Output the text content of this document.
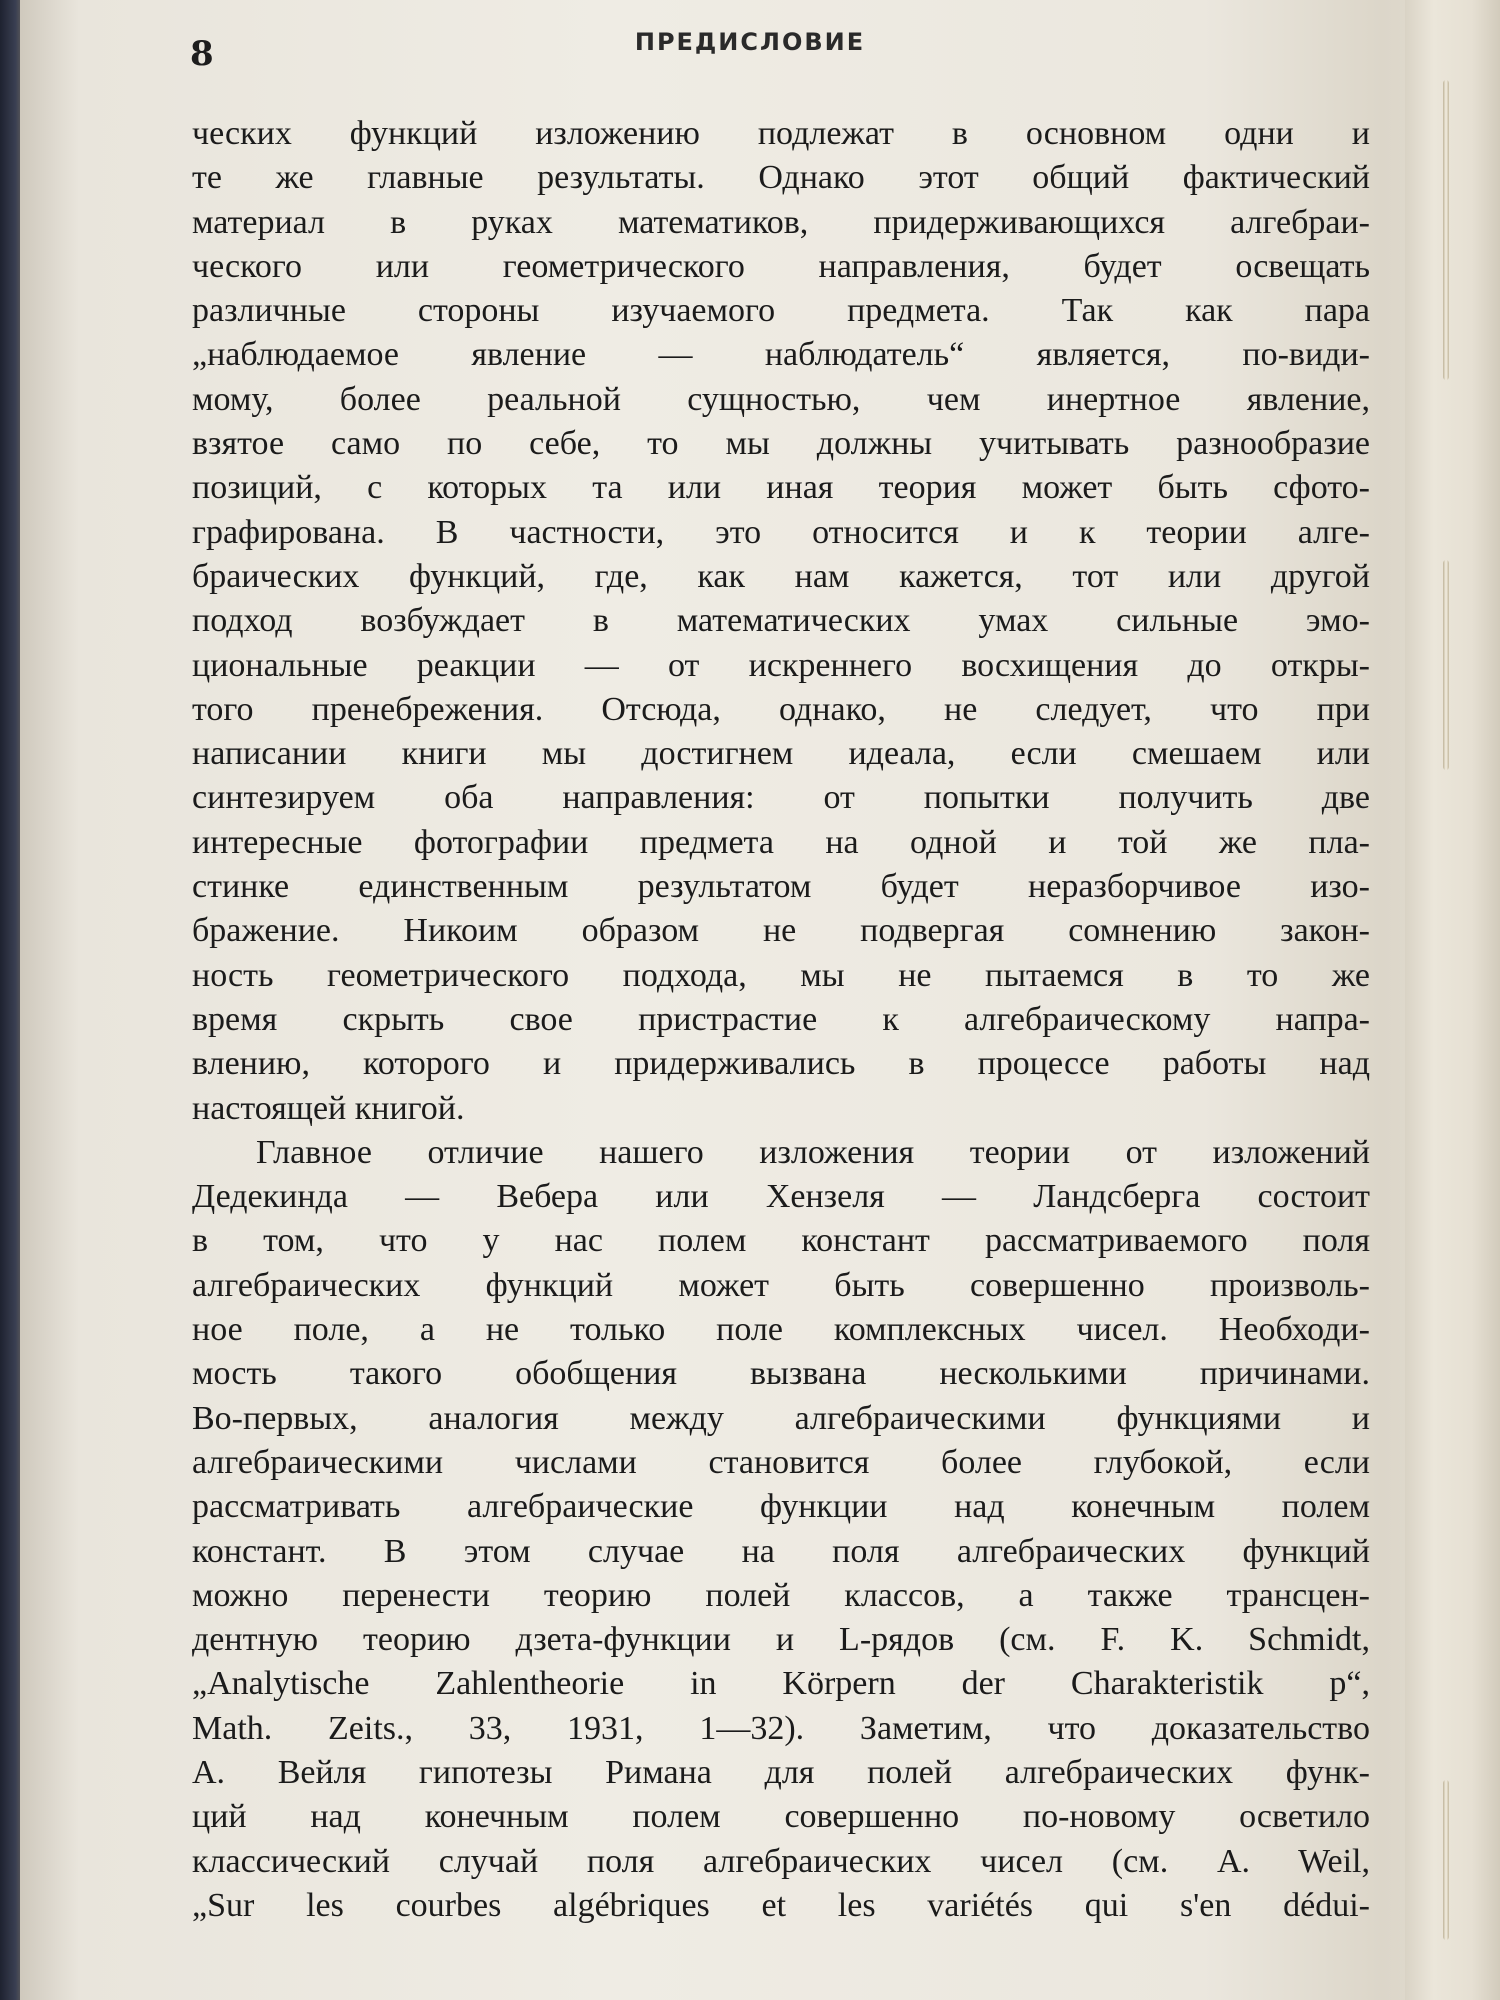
8	ПРЕДИСЛОВИЕ
ческих функций изложению подлежат в основном одни и
те же главные результаты. Однако этот общий фактический
материал в руках математиков, придерживающихся алгебраи-
ческого или геометрического направления, будет освещать
различные стороны изучаемого предмета. Так как пара
„наблюдаемое явление — наблюдатель“ является, по-види-
мому, более реальной сущностью, чем инертное явление,
взятое само по себе, то мы должны учитывать разнообразие
позиций, с которых та или иная теория может быть сфото-
графирована. В частности, это относится и к теории алге-
браических функций, где, как нам кажется, тот или другой
подход возбуждает в математических умах сильные эмо-
циональные реакции — от искреннего восхищения до откры-
того пренебрежения. Отсюда, однако, не следует, что при
написании книги мы достигнем идеала, если смешаем или
синтезируем оба направления: от попытки получить две
интересные фотографии предмета на одной и той же пла-
стинке единственным результатом будет неразборчивое изо-
бражение. Никоим образом не подвергая сомнению закон-
ность геометрического подхода, мы не пытаемся в то же
время скрыть свое пристрастие к алгебраическому напра-
влению, которого и придерживались в процессе работы над
настоящей книгой.
Главное отличие нашего изложения теории от изложений
Дедекинда — Вебера или Хензеля — Ландсберга состоит
в том, что у нас полем констант рассматриваемого поля
алгебраических функций может быть совершенно произволь-
ное поле, а не только поле комплексных чисел. Необходи-
мость такого обобщения вызвана несколькими причинами.
Во-первых, аналогия между алгебраическими функциями и
алгебраическими числами становится более глубокой, если
рассматривать алгебраические функции над конечным полем
констант. В этом случае на поля алгебраических функций
можно перенести теорию полей классов, а также трансцен-
дентную теорию дзета-функции и L-рядов (см. F. K. Schmidt,
„Analytische Zahlentheorie in Körpern der Charakteristik p“,
Math. Zeits., 33, 1931, 1—32). Заметим, что доказательство
А. Вейля гипотезы Римана для полей алгебраических функ-
ций над конечным полем совершенно по-новому осветило
классический случай поля алгебраических чисел (см. A. Weil,
„Sur les courbes algébriques et les variétés qui s'en dédui-
